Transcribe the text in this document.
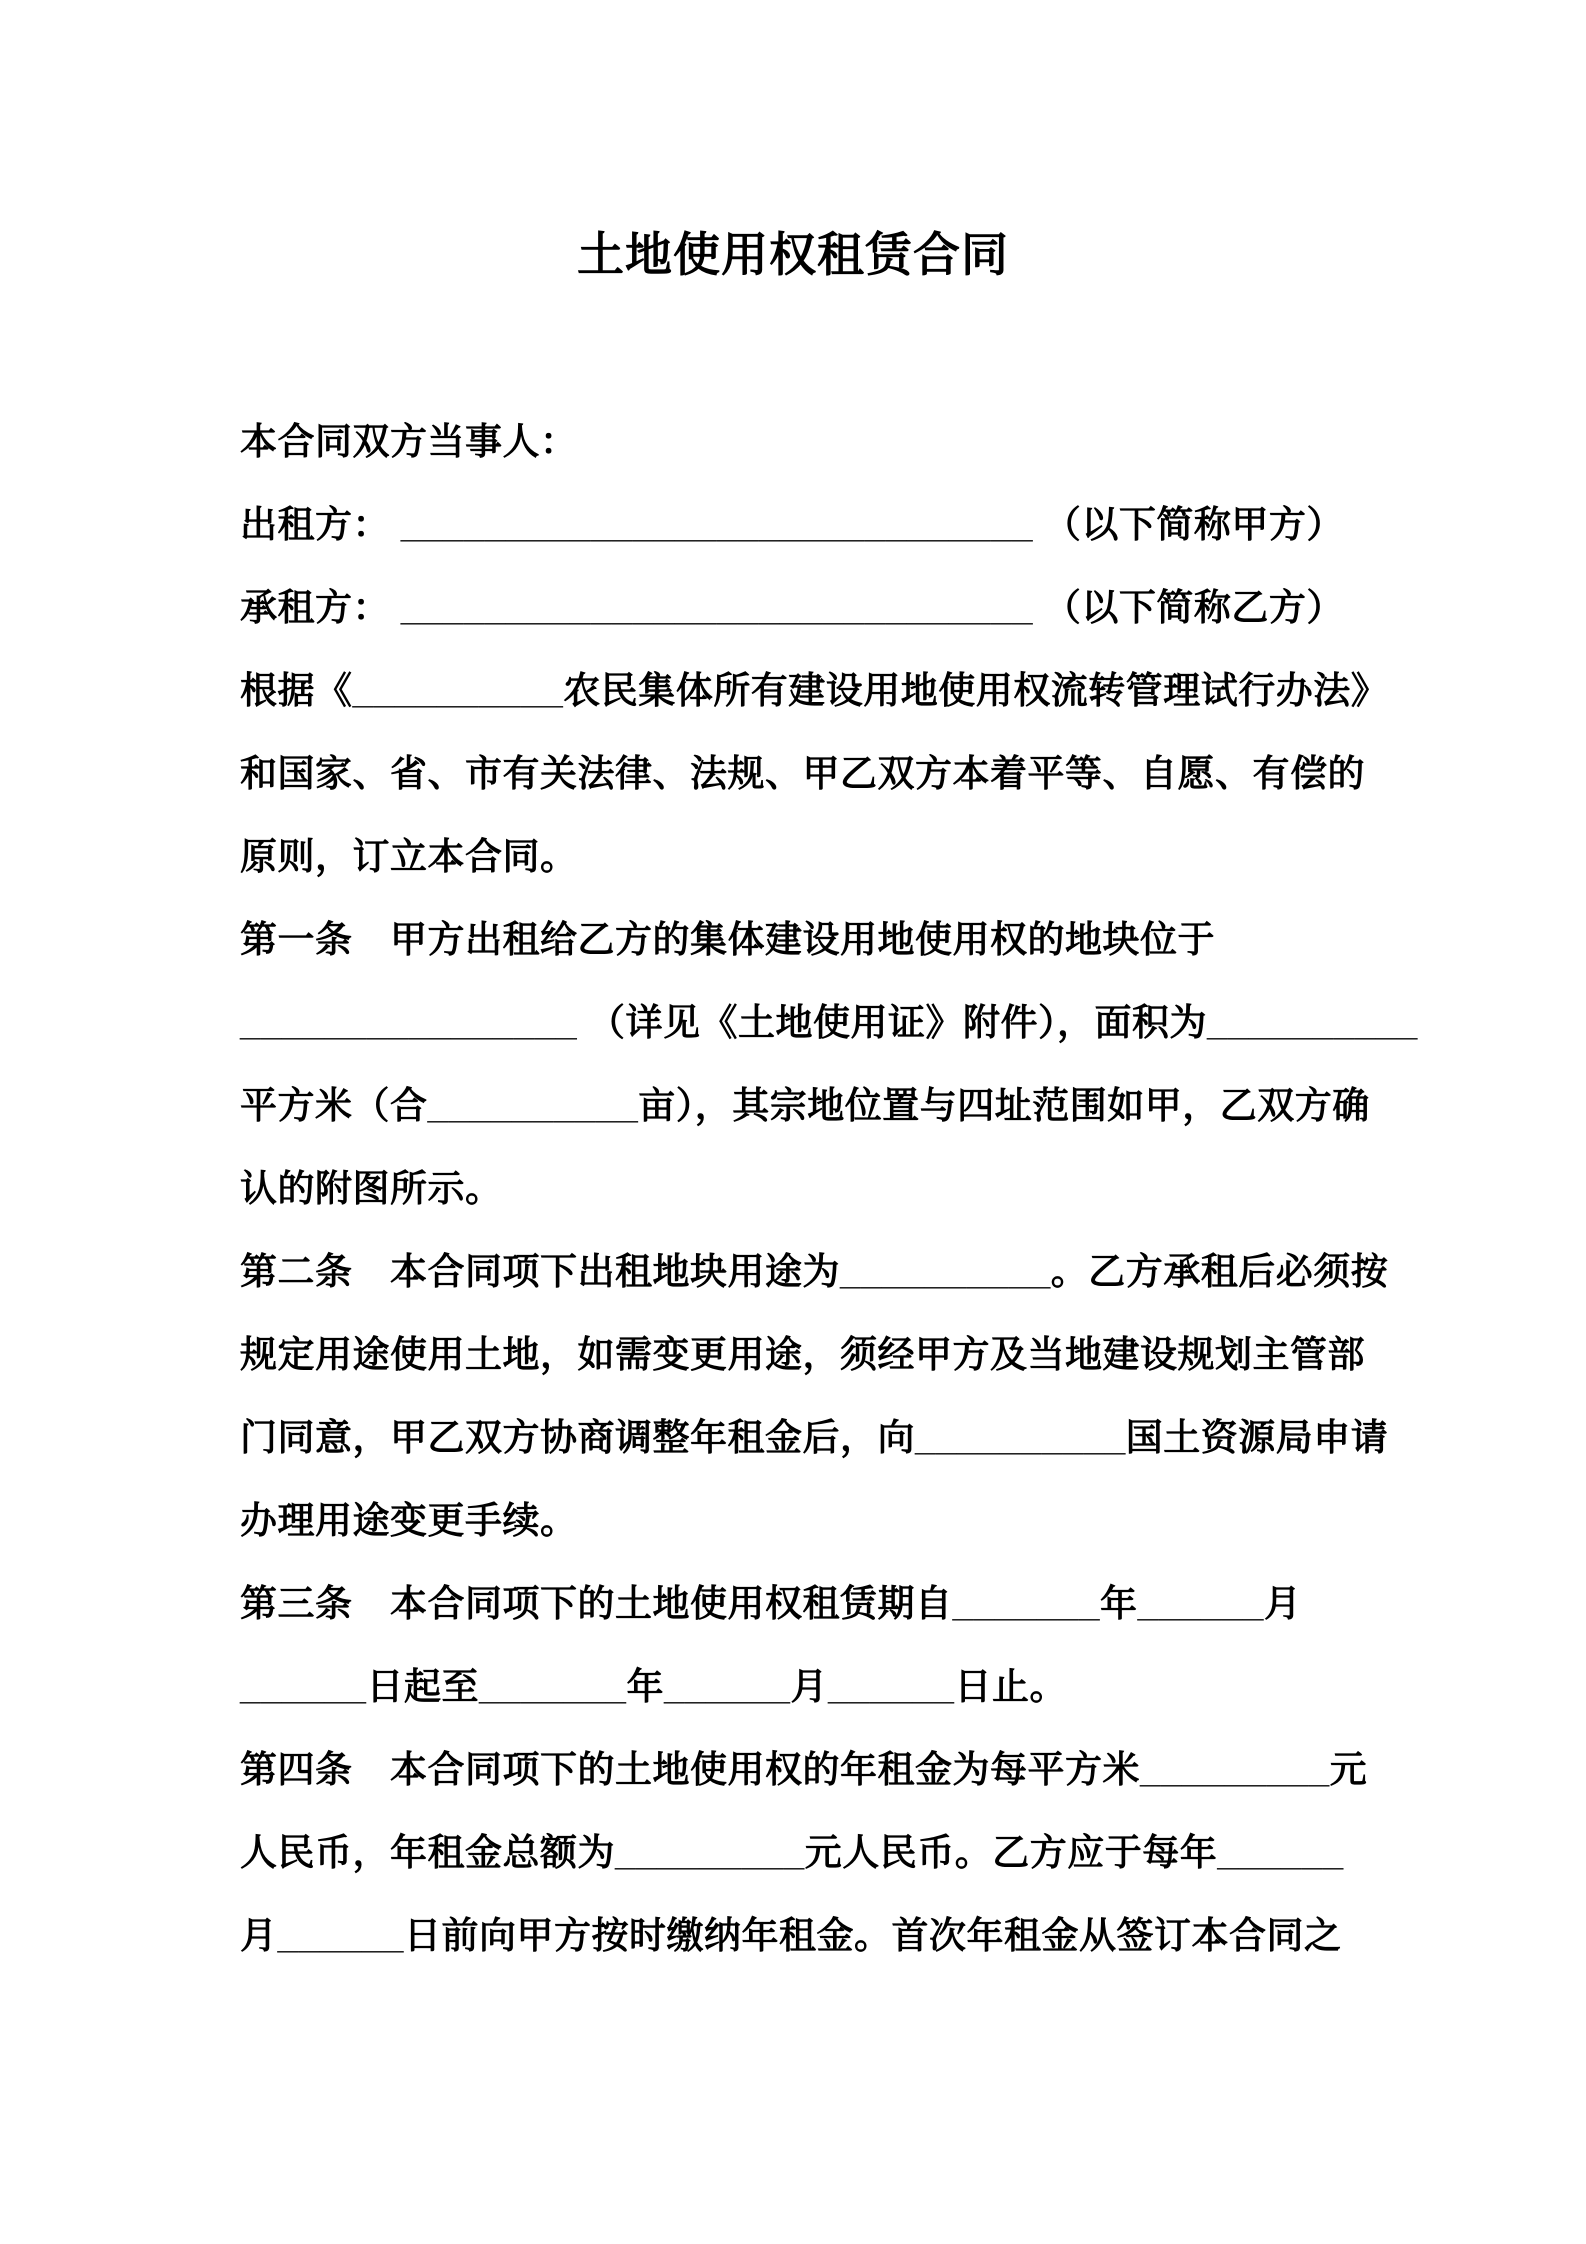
土地使用权租赁合同
本合同双方当事人：
出租方： ______________________________ （以下简称甲方）
承租方： ______________________________ （以下简称乙方）
根据《__________农民集体所有建设用地使用权流转管理试行办法》
和国家、省、市有关法律、法规、甲乙双方本着平等、自愿、有偿的
原则，订立本合同。
第一条　甲方出租给乙方的集体建设用地使用权的地块位于
________________ （详见《土地使用证》附件），面积为__________
平方米（合__________亩），其宗地位置与四址范围如甲，乙双方确
认的附图所示。
第二条　本合同项下出租地块用途为__________。乙方承租后必须按
规定用途使用土地，如需变更用途，须经甲方及当地建设规划主管部
门同意，甲乙双方协商调整年租金后，向__________国土资源局申请
办理用途变更手续。
第三条　本合同项下的土地使用权租赁期自_______年______月
______日起至_______年______月______日止。
第四条　本合同项下的土地使用权的年租金为每平方米_________元
人民币，年租金总额为_________元人民币。乙方应于每年______
月______日前向甲方按时缴纳年租金。首次年租金从签订本合同之
